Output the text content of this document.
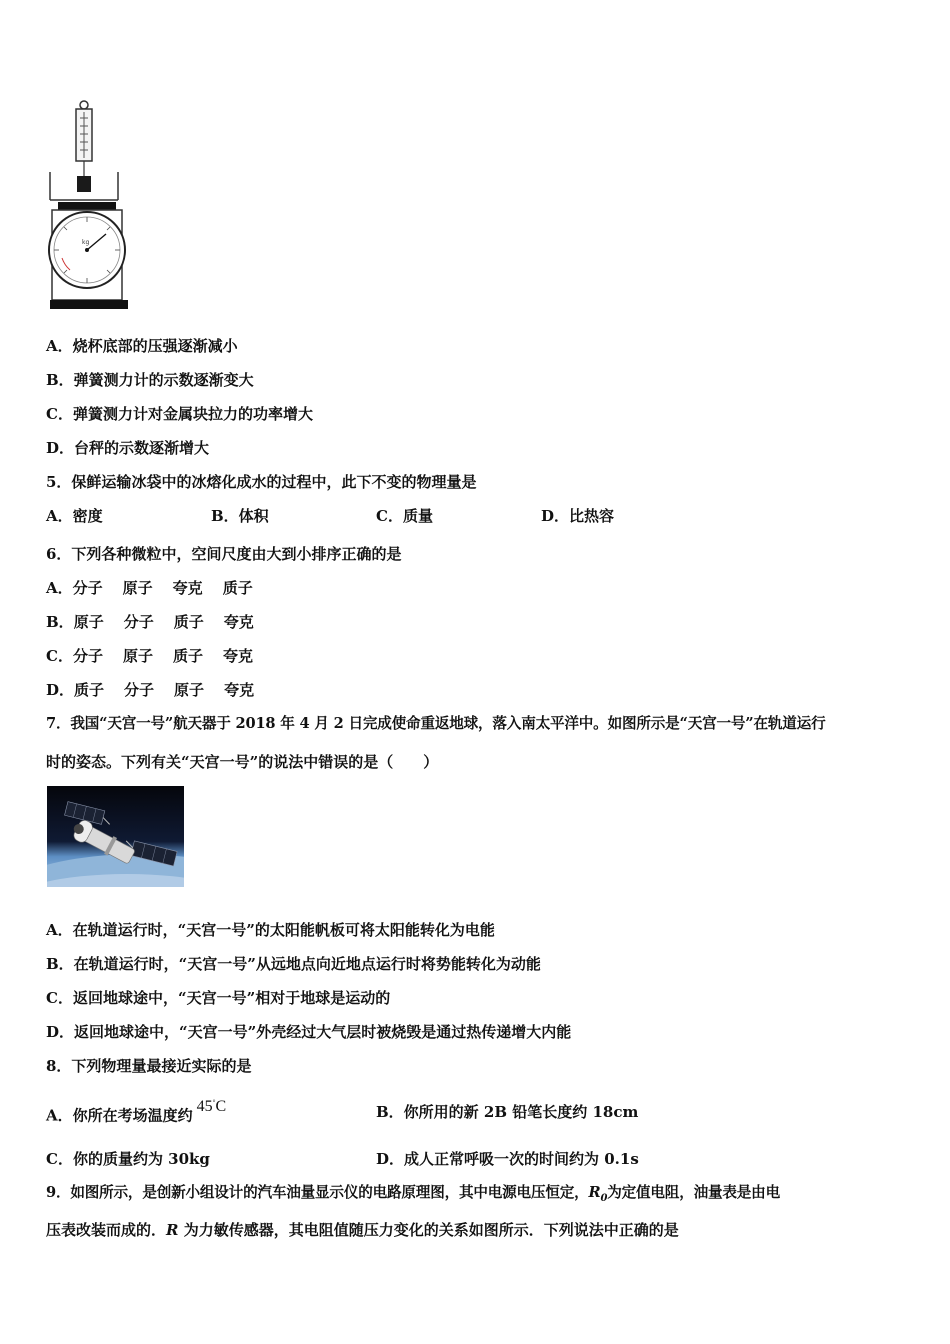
kg
A．烧杯底部的压强逐渐减小
B．弹簧测力计的示数逐渐变大
C．弹簧测力计对金属块拉力的功率增大
D．台秤的示数逐渐增大
5．保鲜运输冰袋中的冰熔化成水的过程中，此下不变的物理量是
A．密度	B．体积	C．质量	D．比热容
6．下列各种微粒中，空间尺度由大到小排序正确的是
A．分子 原子 夸克 质子
B．原子 分子 质子 夸克
C．分子 原子 质子 夸克
D．质子 分子 原子 夸克
7．我国“天宫一号”航天器于 2018 年 4 月 2 日完成使命重返地球，落入南太平洋中。如图所示是“天宫一号”在轨道运行
时的姿态。下列有关“天宫一号”的说法中错误的是（　　）
A．在轨道运行时，“天宫一号”的太阳能帆板可将太阳能转化为电能
B．在轨道运行时，“天宫一号”从远地点向近地点运行时将势能转化为动能
C．返回地球途中，“天宫一号”相对于地球是运动的
D．返回地球途中，“天宫一号”外壳经过大气层时被烧毁是通过热传递增大内能
8．下列物理量最接近实际的是
A．你所在考场温度约 45°C	B．你所用的新 2B 铅笔长度约 18cm
C．你的质量约为 30kg	D．成人正常呼吸一次的时间约为 0.1s
9．如图所示，是创新小组设计的汽车油量显示仪的电路原理图，其中电源电压恒定，$R_0$为定值电阻，油量表是由电
压表改装而成的．R 为力敏传感器，其电阻值随压力变化的关系如图所示．下列说法中正确的是
